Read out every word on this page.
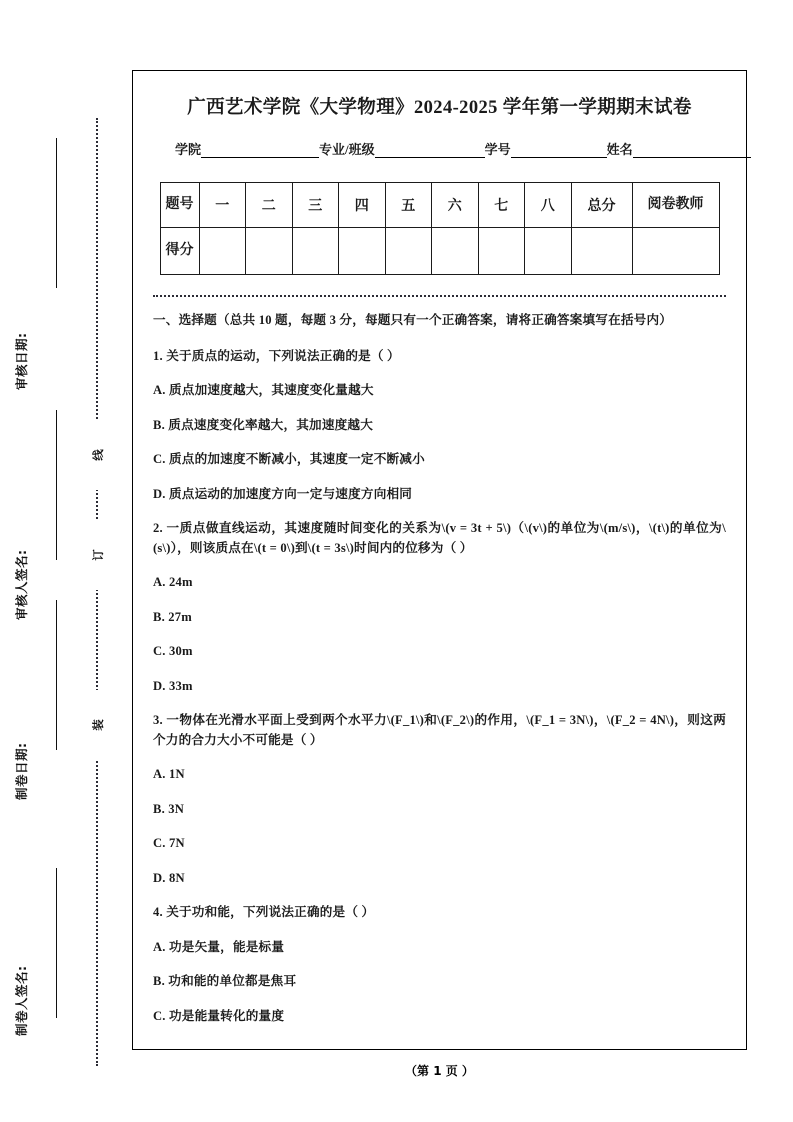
审核日期:
审核人签名:
制卷日期:
制卷人签名:
线
订
装
广西艺术学院《大学物理》2024‑2025 学年第一学期期末试卷
学院	专业/班级	学号	姓名
题号	一	二	三	四	五	六	七	八	总分	阅卷教师
得分										
一、选择题（总共 10 题，每题 3 分，每题只有一个正确答案，请将正确答案填写在括号内）
1. 关于质点的运动，下列说法正确的是（ ）
A. 质点加速度越大，其速度变化量越大
B. 质点速度变化率越大，其加速度越大
C. 质点的加速度不断减小，其速度一定不断减小
D. 质点运动的加速度方向一定与速度方向相同
2. 一质点做直线运动，其速度随时间变化的关系为\(v = 3t + 5\)（\(v\)的单位为\(m/s\)，\(t\)的单位为\(s\)），则该质点在\(t = 0\)到\(t = 3s\)时间内的位移为（ ）
A. 24m
B. 27m
C. 30m
D. 33m
3. 一物体在光滑水平面上受到两个水平力\(F_1\)和\(F_2\)的作用，\(F_1 = 3N\)，\(F_2 = 4N\)，则这两个力的合力大小不可能是（ ）
A. 1N
B. 3N
C. 7N
D. 8N
4. 关于功和能，下列说法正确的是（ ）
A. 功是矢量，能是标量
B. 功和能的单位都是焦耳
C. 功是能量转化的量度
（第 1 页 ）
